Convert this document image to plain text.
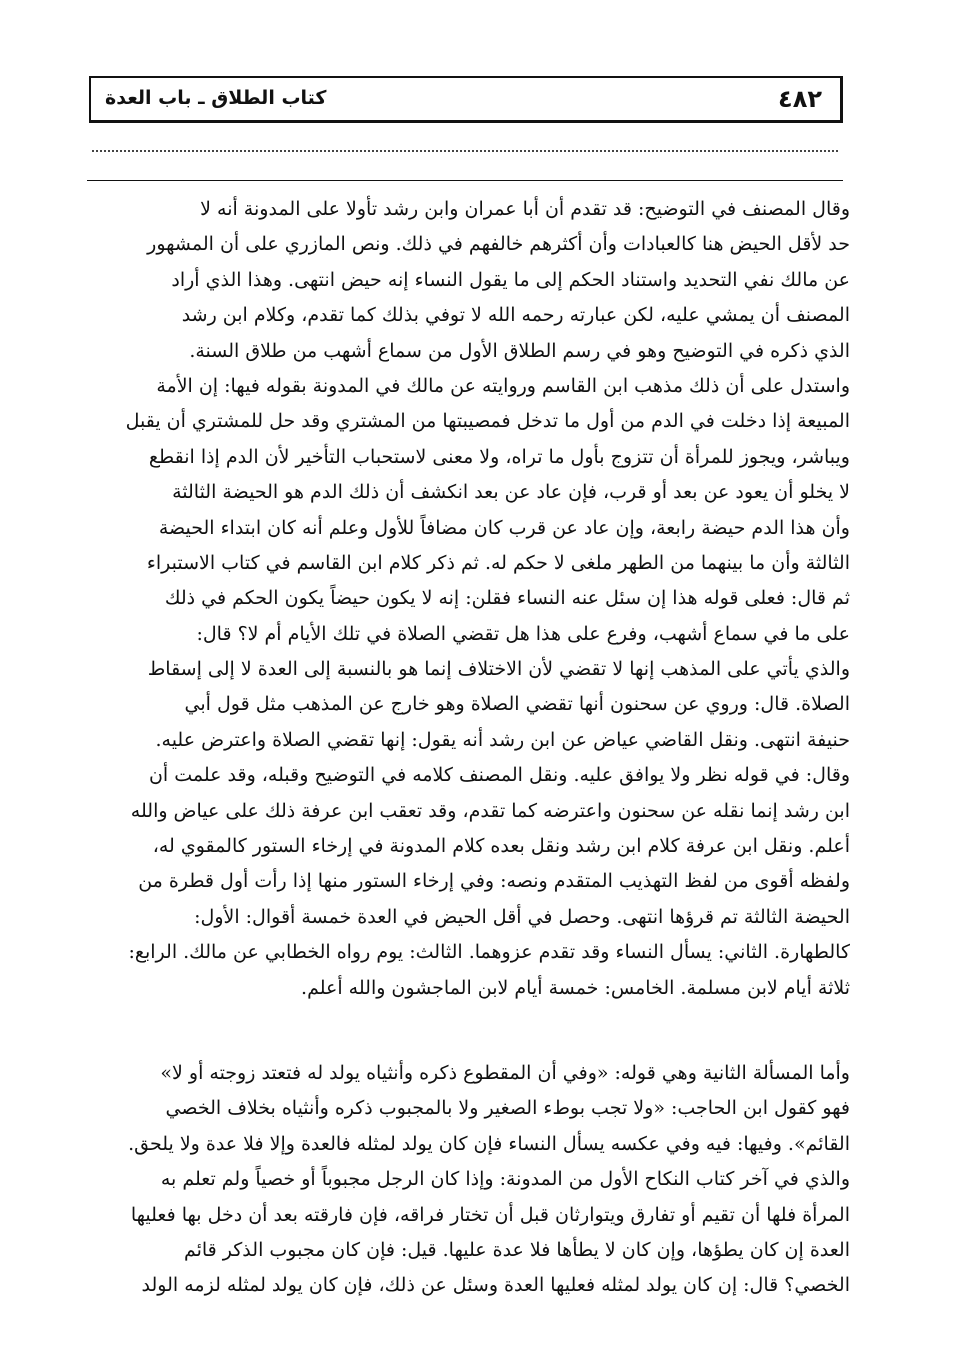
٤٨٢
كتاب الطلاق ـ باب العدة
وقال المصنف في التوضيح: قد تقدم أن أبا عمران وابن رشد تأولا على المدونة أنه لا
حد لأقل الحيض هنا كالعبادات وأن أكثرهم خالفهم في ذلك. ونص المازري على أن المشهور
عن مالك نفي التحديد واستناد الحكم إلى ما يقول النساء إنه حيض انتهى. وهذا الذي أراد
المصنف أن يمشي عليه، لكن عبارته رحمه الله لا توفي بذلك كما تقدم، وكلام ابن رشد
الذي ذكره في التوضيح وهو في رسم الطلاق الأول من سماع أشهب من طلاق السنة.
واستدل على أن ذلك مذهب ابن القاسم وروايته عن مالك في المدونة بقوله فيها: إن الأمة
المبيعة إذا دخلت في الدم من أول ما تدخل فمصيبتها من المشتري وقد حل للمشتري أن يقبل
ويباشر، ويجوز للمرأة أن تتزوج بأول ما تراه، ولا معنى لاستحباب التأخير لأن الدم إذا انقطع
لا يخلو أن يعود عن بعد أو قرب، فإن عاد عن بعد انكشف أن ذلك الدم هو الحيضة الثالثة
وأن هذا الدم حيضة رابعة، وإن عاد عن قرب كان مضافاً للأول وعلم أنه كان ابتداء الحيضة
الثالثة وأن ما بينهما من الطهر ملغى لا حكم له. ثم ذكر كلام ابن القاسم في كتاب الاستبراء
ثم قال: فعلى قوله هذا إن سئل عنه النساء فقلن: إنه لا يكون حيضاً يكون الحكم في ذلك
على ما في سماع أشهب، وفرع على هذا هل تقضي الصلاة في تلك الأيام أم لا؟ قال:
والذي يأتي على المذهب إنها لا تقضي لأن الاختلاف إنما هو بالنسبة إلى العدة لا إلى إسقاط
الصلاة. قال: وروي عن سحنون أنها تقضي الصلاة وهو خارج عن المذهب مثل قول أبي
حنيفة انتهى. ونقل القاضي عياض عن ابن رشد أنه يقول: إنها تقضي الصلاة واعترض عليه.
وقال: في قوله نظر ولا يوافق عليه. ونقل المصنف كلامه في التوضيح وقبله، وقد علمت أن
ابن رشد إنما نقله عن سحنون واعترضه كما تقدم، وقد تعقب ابن عرفة ذلك على عياض والله
أعلم. ونقل ابن عرفة كلام ابن رشد ونقل بعده كلام المدونة في إرخاء الستور كالمقوي له،
ولفظه أقوى من لفظ التهذيب المتقدم ونصه: وفي إرخاء الستور منها إذا رأت أول قطرة من
الحيضة الثالثة تم قرؤها انتهى. وحصل في أقل الحيض في العدة خمسة أقوال: الأول:
كالطهارة. الثاني: يسأل النساء وقد تقدم عزوهما. الثالث: يوم رواه الخطابي عن مالك. الرابع:
ثلاثة أيام لابن مسلمة. الخامس: خمسة أيام لابن الماجشون والله أعلم.
وأما المسألة الثانية وهي قوله: «وفي أن المقطوع ذكره وأنثياه يولد له فتعتد زوجته أو لا»
فهو كقول ابن الحاجب: «ولا تجب بوطء الصغير ولا بالمجبوب ذكره وأنثياه بخلاف الخصي
القائم». وفيها: فيه وفي عكسه يسأل النساء فإن كان يولد لمثله فالعدة وإلا فلا عدة ولا يلحق.
والذي في آخر كتاب النكاح الأول من المدونة: وإذا كان الرجل مجبوباً أو خصياً ولم تعلم به
المرأة فلها أن تقيم أو تفارق ويتوارثان قبل أن تختار فراقه، فإن فارقته بعد أن دخل بها فعليها
العدة إن كان يطؤها، وإن كان لا يطأها فلا عدة عليها. قيل: فإن كان مجبوب الذكر قائم
الخصي؟ قال: إن كان يولد لمثله فعليها العدة وسئل عن ذلك، فإن كان يولد لمثله لزمه الولد
